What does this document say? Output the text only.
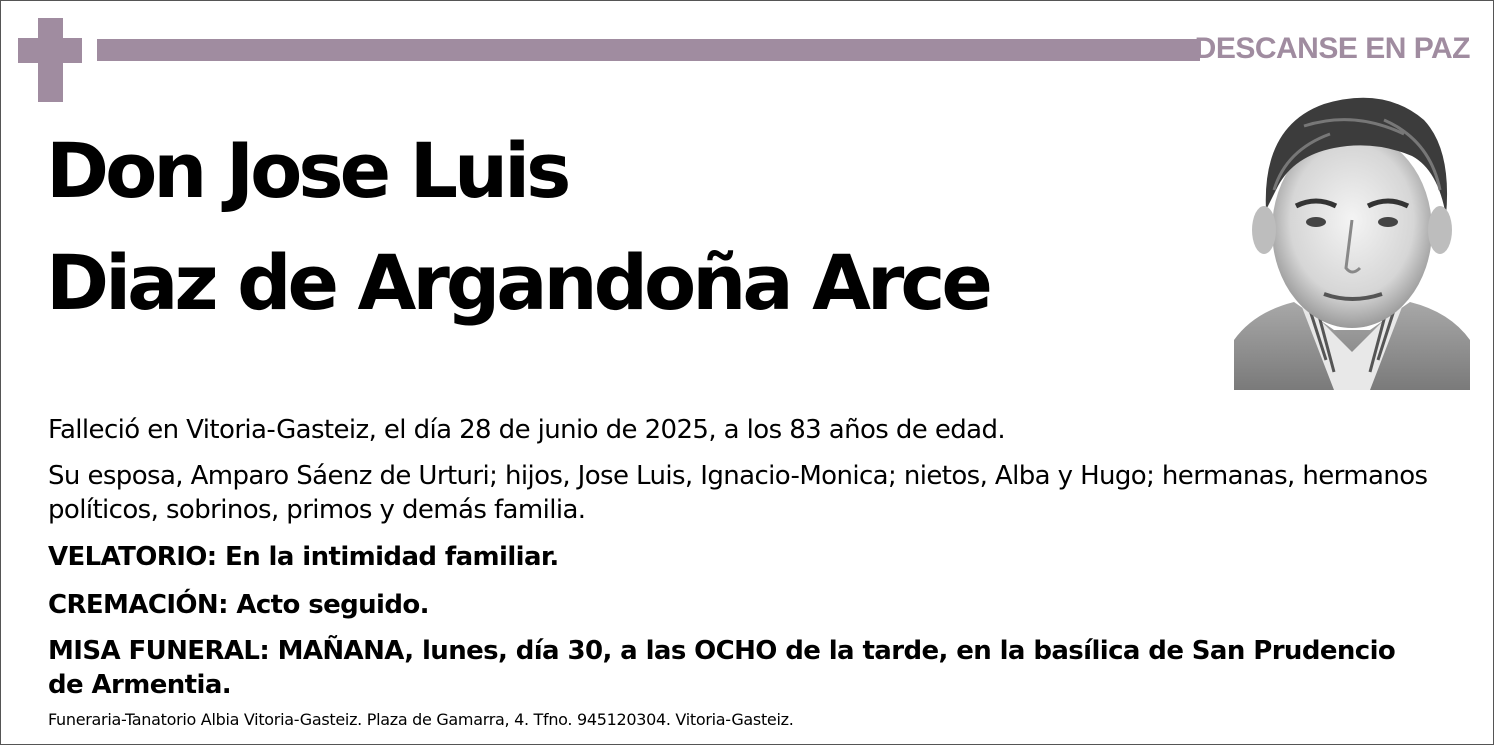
DESCANSE EN PAZ
Don Jose Luis
Diaz de Argandoña Arce
Falleció en Vitoria-Gasteiz, el día 28 de junio de 2025, a los 83 años de edad.
Su esposa, Amparo Sáenz de Urturi; hijos, Jose Luis, Ignacio-Monica; nietos, Alba y Hugo; hermanas, hermanos políticos, sobrinos, primos y demás familia.
VELATORIO: En la intimidad familiar.
CREMACIÓN: Acto seguido.
MISA FUNERAL: MAÑANA, lunes, día 30, a las OCHO de la tarde, en la basílica de San Prudencio de Armentia.
Funeraria-Tanatorio Albia Vitoria-Gasteiz. Plaza de Gamarra, 4. Tfno. 945120304. Vitoria-Gasteiz.
